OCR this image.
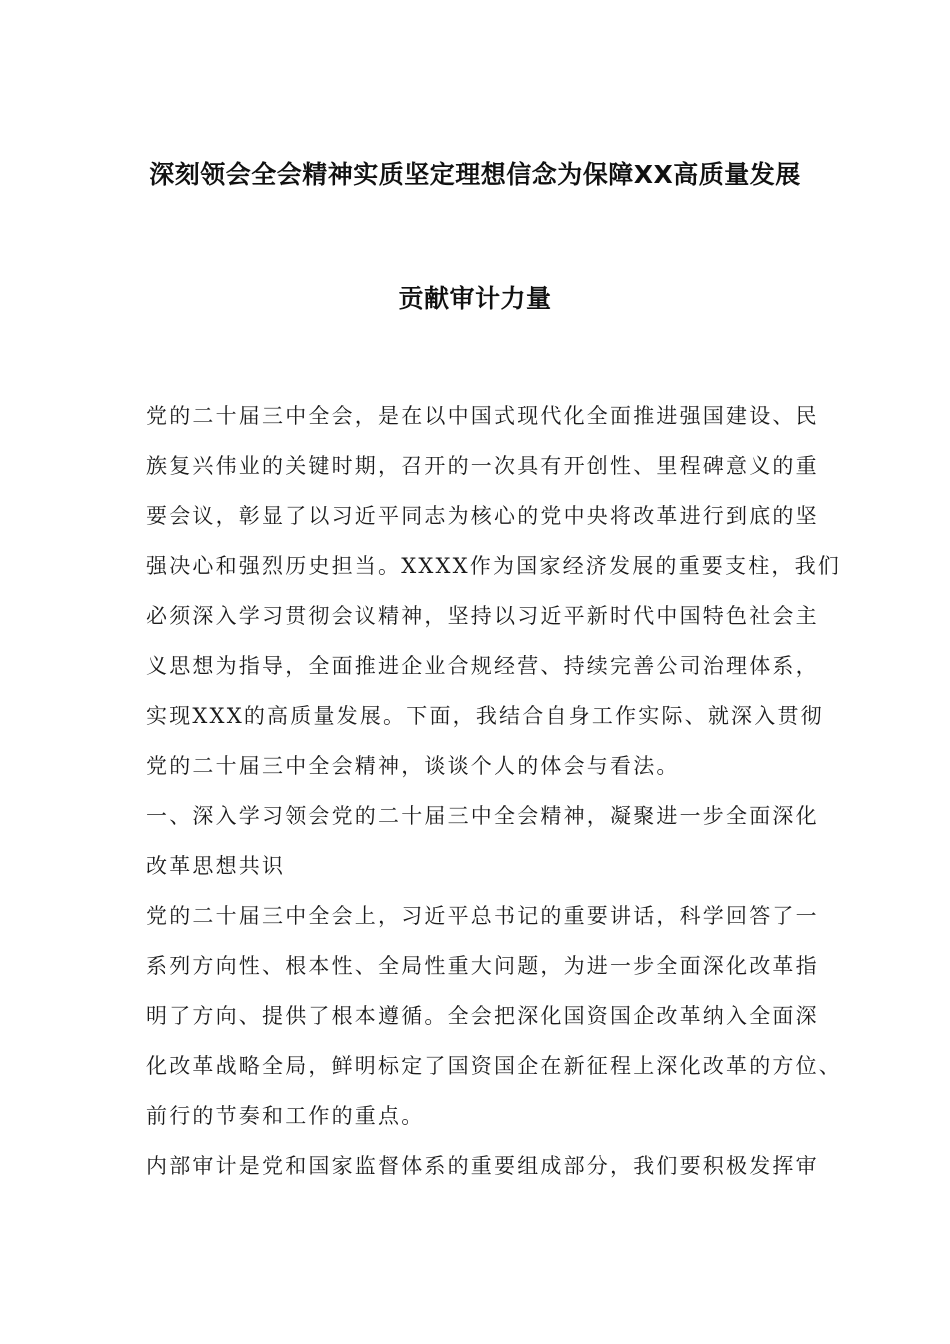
深刻领会全会精神实质坚定理想信念为保障XX高质量发展
贡献审计力量
党的二十届三中全会，是在以中国式现代化全面推进强国建设、民
族复兴伟业的关键时期，召开的一次具有开创性、里程碑意义的重
要会议，彰显了以习近平同志为核心的党中央将改革进行到底的坚
强决心和强烈历史担当。XXXX作为国家经济发展的重要支柱，我们
必须深入学习贯彻会议精神，坚持以习近平新时代中国特色社会主
义思想为指导，全面推进企业合规经营、持续完善公司治理体系，
实现XXX的高质量发展。下面，我结合自身工作实际、就深入贯彻
党的二十届三中全会精神，谈谈个人的体会与看法。
一、深入学习领会党的二十届三中全会精神，凝聚进一步全面深化
改革思想共识
党的二十届三中全会上，习近平总书记的重要讲话，科学回答了一
系列方向性、根本性、全局性重大问题，为进一步全面深化改革指
明了方向、提供了根本遵循。全会把深化国资国企改革纳入全面深
化改革战略全局，鲜明标定了国资国企在新征程上深化改革的方位、
前行的节奏和工作的重点。
内部审计是党和国家监督体系的重要组成部分，我们要积极发挥审
